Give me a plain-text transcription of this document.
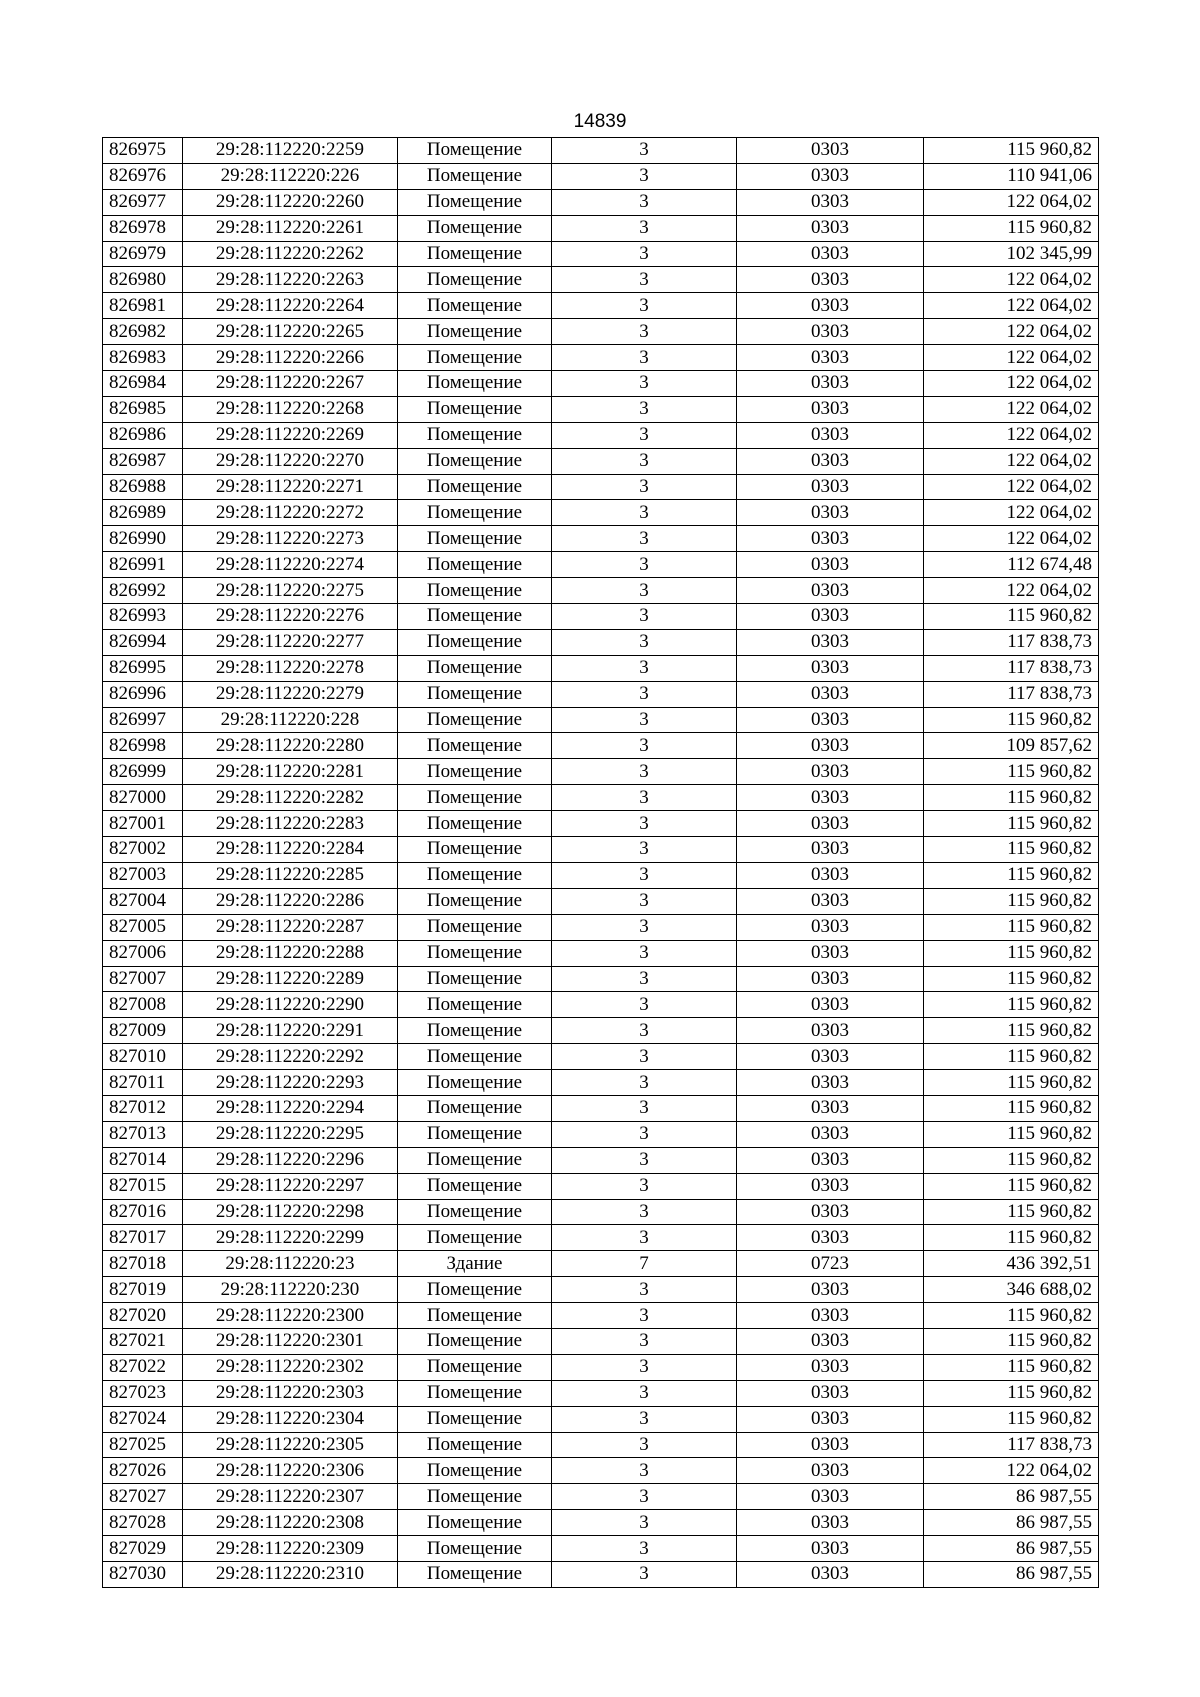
14839
826975	29:28:112220:2259	Помещение	3	0303	115 960,82
826976	29:28:112220:226	Помещение	3	0303	110 941,06
826977	29:28:112220:2260	Помещение	3	0303	122 064,02
826978	29:28:112220:2261	Помещение	3	0303	115 960,82
826979	29:28:112220:2262	Помещение	3	0303	102 345,99
826980	29:28:112220:2263	Помещение	3	0303	122 064,02
826981	29:28:112220:2264	Помещение	3	0303	122 064,02
826982	29:28:112220:2265	Помещение	3	0303	122 064,02
826983	29:28:112220:2266	Помещение	3	0303	122 064,02
826984	29:28:112220:2267	Помещение	3	0303	122 064,02
826985	29:28:112220:2268	Помещение	3	0303	122 064,02
826986	29:28:112220:2269	Помещение	3	0303	122 064,02
826987	29:28:112220:2270	Помещение	3	0303	122 064,02
826988	29:28:112220:2271	Помещение	3	0303	122 064,02
826989	29:28:112220:2272	Помещение	3	0303	122 064,02
826990	29:28:112220:2273	Помещение	3	0303	122 064,02
826991	29:28:112220:2274	Помещение	3	0303	112 674,48
826992	29:28:112220:2275	Помещение	3	0303	122 064,02
826993	29:28:112220:2276	Помещение	3	0303	115 960,82
826994	29:28:112220:2277	Помещение	3	0303	117 838,73
826995	29:28:112220:2278	Помещение	3	0303	117 838,73
826996	29:28:112220:2279	Помещение	3	0303	117 838,73
826997	29:28:112220:228	Помещение	3	0303	115 960,82
826998	29:28:112220:2280	Помещение	3	0303	109 857,62
826999	29:28:112220:2281	Помещение	3	0303	115 960,82
827000	29:28:112220:2282	Помещение	3	0303	115 960,82
827001	29:28:112220:2283	Помещение	3	0303	115 960,82
827002	29:28:112220:2284	Помещение	3	0303	115 960,82
827003	29:28:112220:2285	Помещение	3	0303	115 960,82
827004	29:28:112220:2286	Помещение	3	0303	115 960,82
827005	29:28:112220:2287	Помещение	3	0303	115 960,82
827006	29:28:112220:2288	Помещение	3	0303	115 960,82
827007	29:28:112220:2289	Помещение	3	0303	115 960,82
827008	29:28:112220:2290	Помещение	3	0303	115 960,82
827009	29:28:112220:2291	Помещение	3	0303	115 960,82
827010	29:28:112220:2292	Помещение	3	0303	115 960,82
827011	29:28:112220:2293	Помещение	3	0303	115 960,82
827012	29:28:112220:2294	Помещение	3	0303	115 960,82
827013	29:28:112220:2295	Помещение	3	0303	115 960,82
827014	29:28:112220:2296	Помещение	3	0303	115 960,82
827015	29:28:112220:2297	Помещение	3	0303	115 960,82
827016	29:28:112220:2298	Помещение	3	0303	115 960,82
827017	29:28:112220:2299	Помещение	3	0303	115 960,82
827018	29:28:112220:23	Здание	7	0723	436 392,51
827019	29:28:112220:230	Помещение	3	0303	346 688,02
827020	29:28:112220:2300	Помещение	3	0303	115 960,82
827021	29:28:112220:2301	Помещение	3	0303	115 960,82
827022	29:28:112220:2302	Помещение	3	0303	115 960,82
827023	29:28:112220:2303	Помещение	3	0303	115 960,82
827024	29:28:112220:2304	Помещение	3	0303	115 960,82
827025	29:28:112220:2305	Помещение	3	0303	117 838,73
827026	29:28:112220:2306	Помещение	3	0303	122 064,02
827027	29:28:112220:2307	Помещение	3	0303	86 987,55
827028	29:28:112220:2308	Помещение	3	0303	86 987,55
827029	29:28:112220:2309	Помещение	3	0303	86 987,55
827030	29:28:112220:2310	Помещение	3	0303	86 987,55
